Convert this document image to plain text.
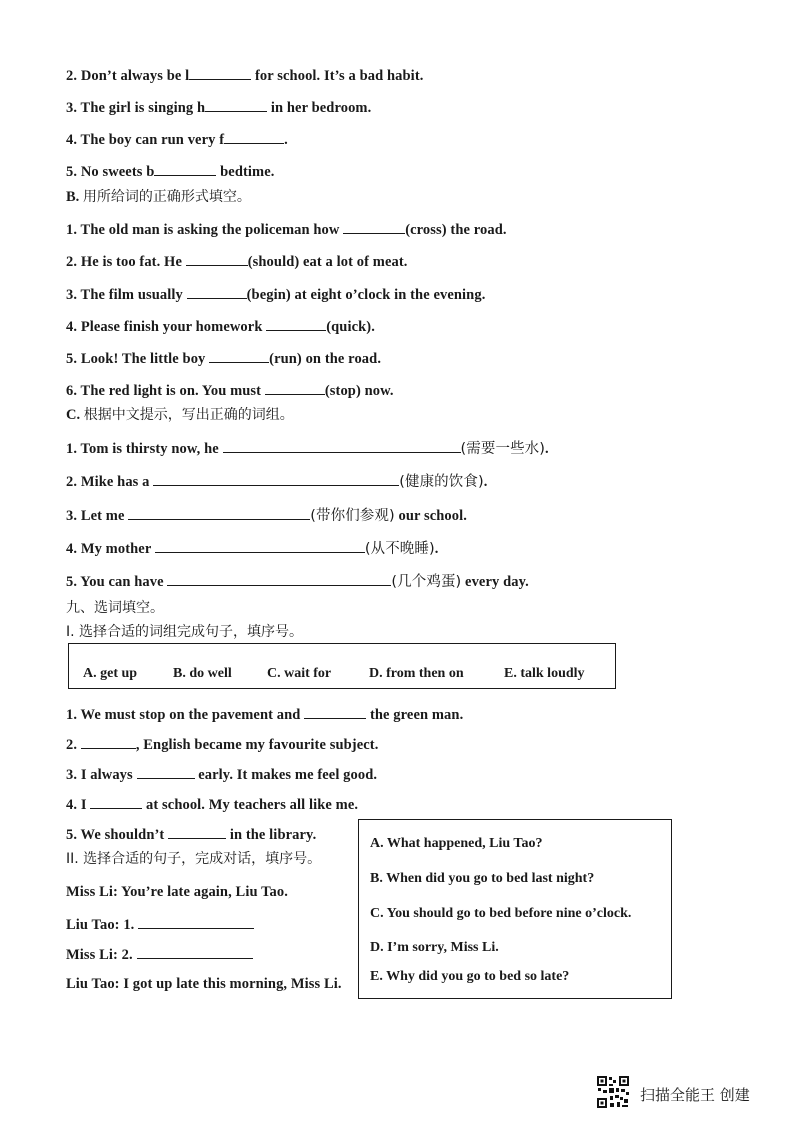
2. Don’t always be l	for school. It’s a bad habit.
3. The girl is singing h	in her bedroom.
4. The boy can run very f	.
5. No sweets b	bedtime.
B. 用所给词的正确形式填空。
1. The old man is asking the policeman how	(cross) the road.
2. He is too fat. He	(should) eat a lot of meat.
3. The film usually	(begin) at eight o’clock in the evening.
4. Please finish your homework	(quick).
5. Look! The little boy	(run) on the road.
6. The red light is on. You must	(stop) now.
C. 根据中文提示，写出正确的词组。
1. Tom is thirsty now, he	(需要一些水).
2. Mike has a	(健康的饮食).
3. Let me	(带你们参观) our school.
4. My mother	(从不晚睡).
5. You can have	(几个鸡蛋) every day.
九、选词填空。
I. 选择合适的词组完成句子，填序号。
A. get up	B. do well	C. wait for	D. from then on	E. talk loudly
1. We must stop on the pavement and	the green man.
2.	, English became my favourite subject.
3. I always	early. It makes me feel good.
4. I	at school. My teachers all like me.
5. We shouldn’t	in the library.
II. 选择合适的句子，完成对话，填序号。
Miss Li: You’re late again, Liu Tao.
Liu Tao: 1.
Miss Li: 2.
Liu Tao: I got up late this morning, Miss Li.
A. What happened, Liu Tao?
B. When did you go to bed last night?
C. You should go to bed before nine o’clock.
D. I’m sorry, Miss Li.
E. Why did you go to bed so late?
扫描全能王 创建
